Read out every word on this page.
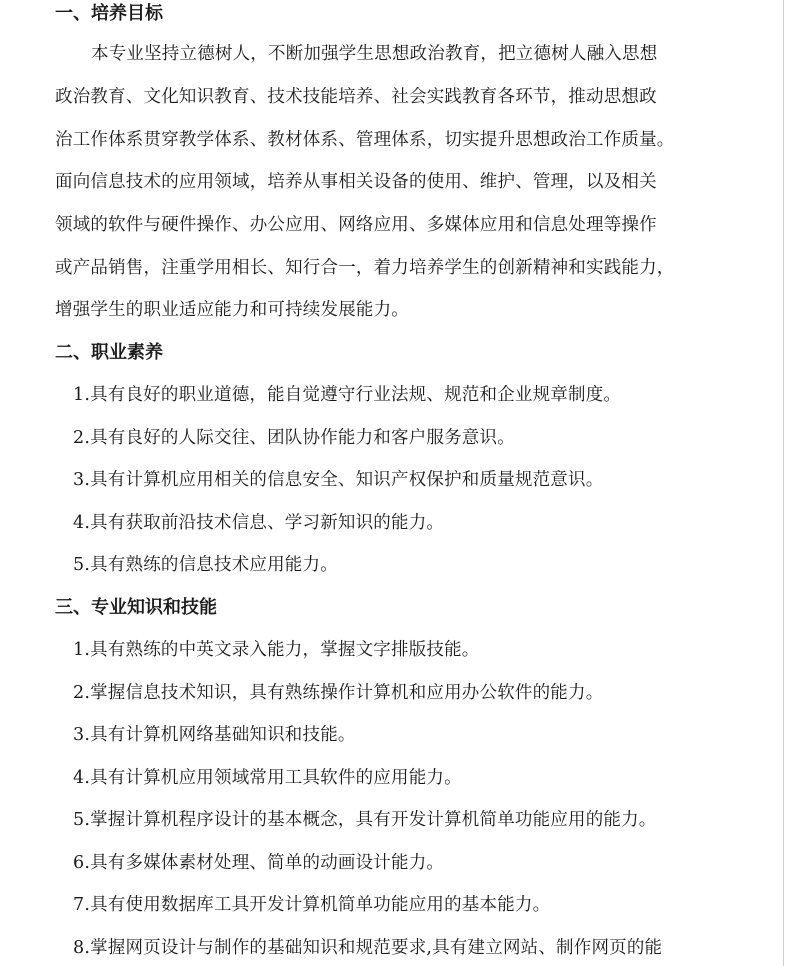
一、培养目标
本专业坚持立德树人，不断加强学生思想政治教育，把立德树人融入思想
政治教育、文化知识教育、技术技能培养、社会实践教育各环节，推动思想政
治工作体系贯穿教学体系、教材体系、管理体系，切实提升思想政治工作质量。
面向信息技术的应用领域，培养从事相关设备的使用、维护、管理，以及相关
领域的软件与硬件操作、办公应用、网络应用、多媒体应用和信息处理等操作
或产品销售，注重学用相长、知行合一，着力培养学生的创新精神和实践能力，
增强学生的职业适应能力和可持续发展能力。
二、职业素养
1.具有良好的职业道德，能自觉遵守行业法规、规范和企业规章制度。
2.具有良好的人际交往、团队协作能力和客户服务意识。
3.具有计算机应用相关的信息安全、知识产权保护和质量规范意识。
4.具有获取前沿技术信息、学习新知识的能力。
5.具有熟练的信息技术应用能力。
三、专业知识和技能
1.具有熟练的中英文录入能力，掌握文字排版技能。
2.掌握信息技术知识，具有熟练操作计算机和应用办公软件的能力。
3.具有计算机网络基础知识和技能。
4.具有计算机应用领域常用工具软件的应用能力。
5.掌握计算机程序设计的基本概念，具有开发计算机简单功能应用的能力。
6.具有多媒体素材处理、简单的动画设计能力。
7.具有使用数据库工具开发计算机简单功能应用的基本能力。
8.掌握网页设计与制作的基础知识和规范要求,具有建立网站、制作网页的能
